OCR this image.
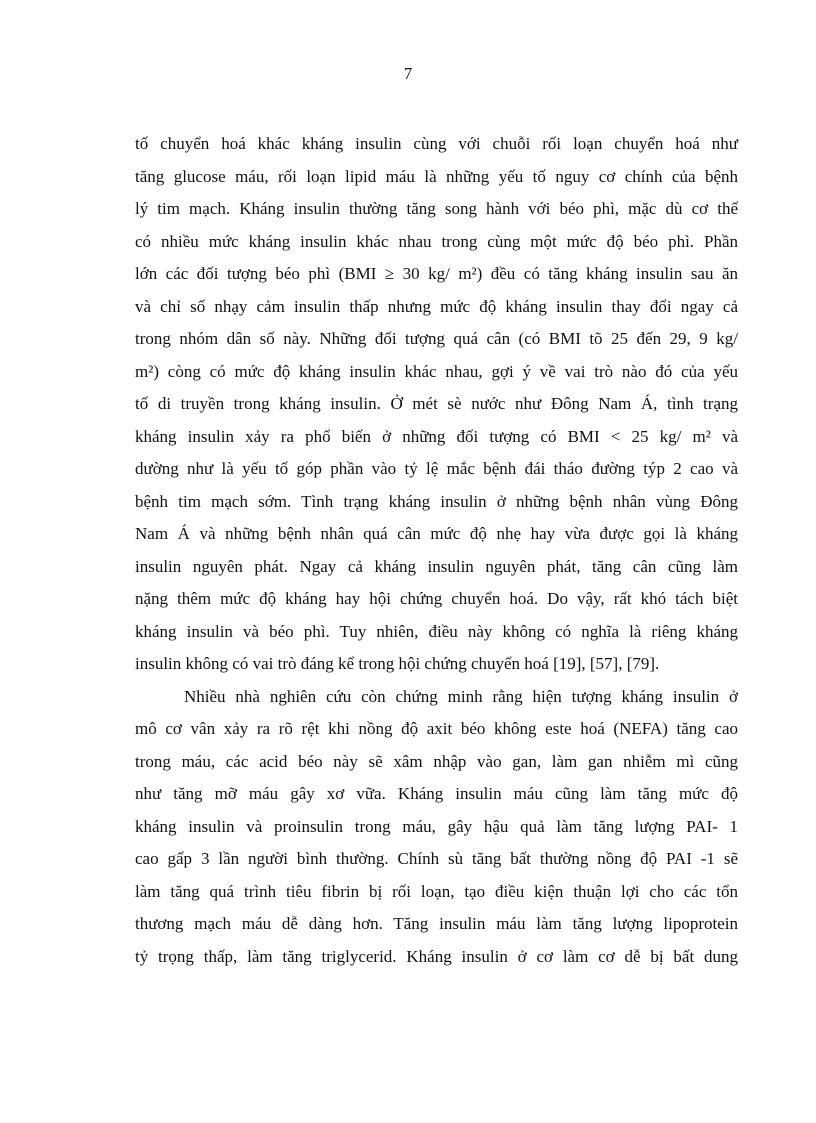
7
tố chuyển hoá khác kháng insulin cùng với chuỗi rối loạn chuyển hoá như
tăng glucose máu, rối loạn lipid máu là những yếu tố nguy cơ chính của bệnh
lý tim mạch. Kháng insulin thường tăng song hành với béo phì, mặc dù cơ thể
có nhiều mức kháng insulin khác nhau trong cùng một mức độ béo phì. Phần
lớn các đối tượng béo phì (BMI ≥ 30 kg/ m²) đều có tăng kháng insulin sau ăn
và chỉ số nhạy cảm insulin thấp nhưng mức độ kháng insulin thay đổi ngay cả
trong nhóm dân số này. Những đối tượng quá cân (có BMI tõ 25 đến 29, 9 kg/
m²) còng có mức độ kháng insulin khác nhau, gợi ý về vai trò nào đó của yếu
tố di truyền trong kháng insulin. Ở mét sè nước như Đông Nam Á, tình trạng
kháng insulin xảy ra phổ biến ở những đối tượng có BMI < 25 kg/ m² và
dường như là yếu tố góp phần vào tỷ lệ mắc bệnh đái tháo đường týp 2 cao và
bệnh tim mạch sớm. Tình trạng kháng insulin ở những bệnh nhân vùng Đông
Nam Á và những bệnh nhân quá cân mức độ nhẹ hay vừa được gọi là kháng
insulin nguyên phát. Ngay cả kháng insulin nguyên phát, tăng cân cũng làm
nặng thêm mức độ kháng hay hội chứng chuyển hoá. Do vậy, rất khó tách biệt
kháng insulin và béo phì. Tuy nhiên, điều này không có nghĩa là riêng kháng
insulin không có vai trò đáng kể trong hội chứng chuyển hoá [19], [57], [79].
Nhiều nhà nghiên cứu còn chứng minh rằng hiện tượng kháng insulin ở
mô cơ vân xảy ra rõ rệt khi nồng độ axit béo không este hoá (NEFA) tăng cao
trong máu, các acid béo này sẽ xâm nhập vào gan, làm gan nhiễm mì cũng
như tăng mỡ máu gây xơ vữa. Kháng insulin máu cũng làm tăng mức độ
kháng insulin và proinsulin trong máu, gây hậu quả làm tăng lượng PAI- 1
cao gấp 3 lần người bình thường. Chính sù tăng bất thường nồng độ PAI -1 sẽ
làm tăng quá trình tiêu fibrin bị rối loạn, tạo điều kiện thuận lợi cho các tổn
thương mạch máu dễ dàng hơn. Tăng insulin máu làm tăng lượng lipoprotein
tỷ trọng thấp, làm tăng triglycerid. Kháng insulin ở cơ làm cơ dễ bị bất dung
